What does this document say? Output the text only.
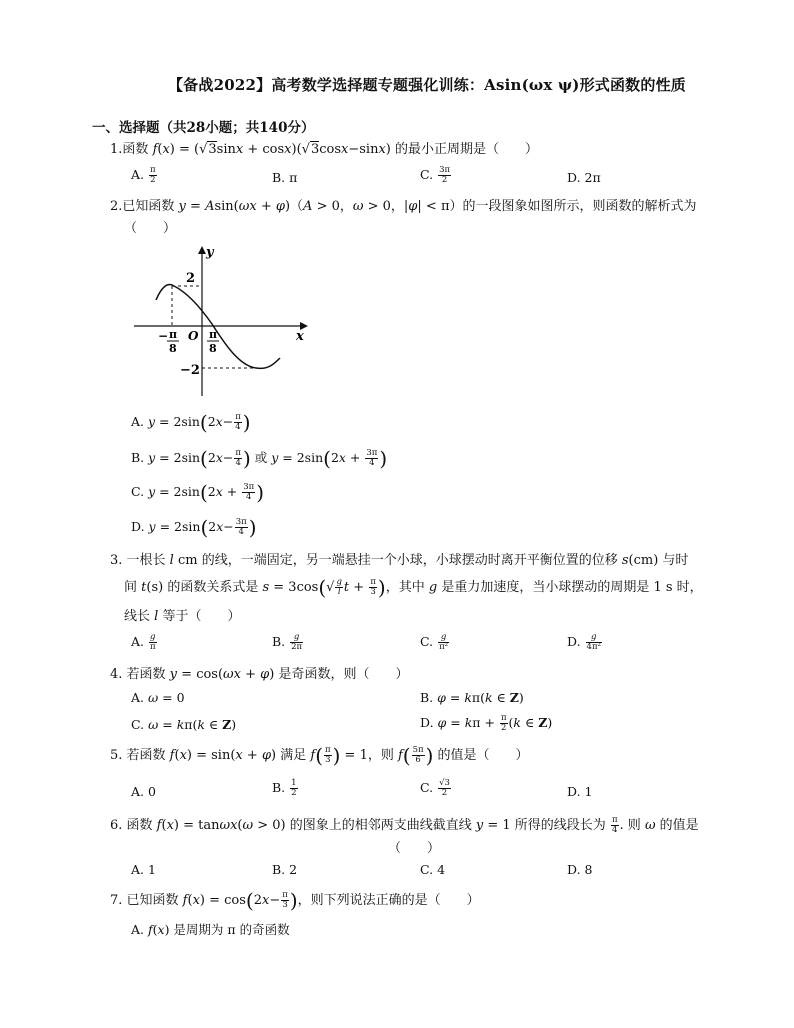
【备战2022】高考数学选择题专题强化训练：Asin(ωx ψ)形式函数的性质
一、选择题（共28小题；共140分）
1.函数 f(x) = (√3sinx + cosx)(√3cosx−sinx) 的最小正周期是（　　）
A. $\frac{\pi}{2}$	B. π	C. $\frac{3\pi}{2}$	D. 2π
2.已知函数 y = Asin(ωx + φ)（A > 0，ω > 0，|φ| < π）的一段图象如图所示，则函数的解析式为
（　　）
y
x
2
−2
O
− π
8
π
8
A. $y = 2\sin(2x- \frac{\pi}{4}$ )
B. $y = 2\sin(2x- \frac{\pi}{4}$ ) 或 $y = 2\sin(2x + \frac{3\pi}{4}$ )
C. $y = 2\sin(2x + \frac{3\pi}{4}$ )
D. $y = 2\sin(2x- \frac{3\pi}{4}$ )
3. 一根长 l cm 的线，一端固定，另一端悬挂一个小球，小球摆动时离开平衡位置的位移 s(cm) 与时
间 t(s) 的函数关系式是 $s = 3\cos(√ \frac{g}{l}$ $t + \frac{\pi}{3}$ )，其中 g 是重力加速度，当小球摆动的周期是 1 s 时，
线长 l 等于（　　）
A. $\frac{g}{\pi}$	B. $\frac{g}{2\pi}$	C. $\frac{g}{\text{π²}}$	D. $\frac{g}{\text{4π²}}$
4. 若函数 y = cos(ωx + φ) 是奇函数，则（　　）
A. ω = 0	B. φ = kπ(k ∈ Z)
C. ω = kπ(k ∈ Z)	D. $\varphi = k\pi + \frac{\pi}{2} (k$ ∈ Z)
5. 若函数 f(x) = sin(x + φ) 满足 $f( \frac{\pi}{3}$ ) = 1，则 $f( \frac{5\pi}{6}$ ) 的值是（　　）
A. 0	B. $\frac{1}{2}$	C. $\frac{√3}{2}$	D. 1
6. 函数 f(x) = tanωx(ω > 0) 的图象上的相邻两支曲线截直线 y = 1 所得的线段长为 $\frac{\pi}{4}$ . 则 ω 的值是
（　　）
A. 1	B. 2	C. 4	D. 8
7. 已知函数 $f(x) = \cos(2x- \frac{\pi}{3}$ )，则下列说法正确的是（　　）
A. f(x) 是周期为 π 的奇函数
